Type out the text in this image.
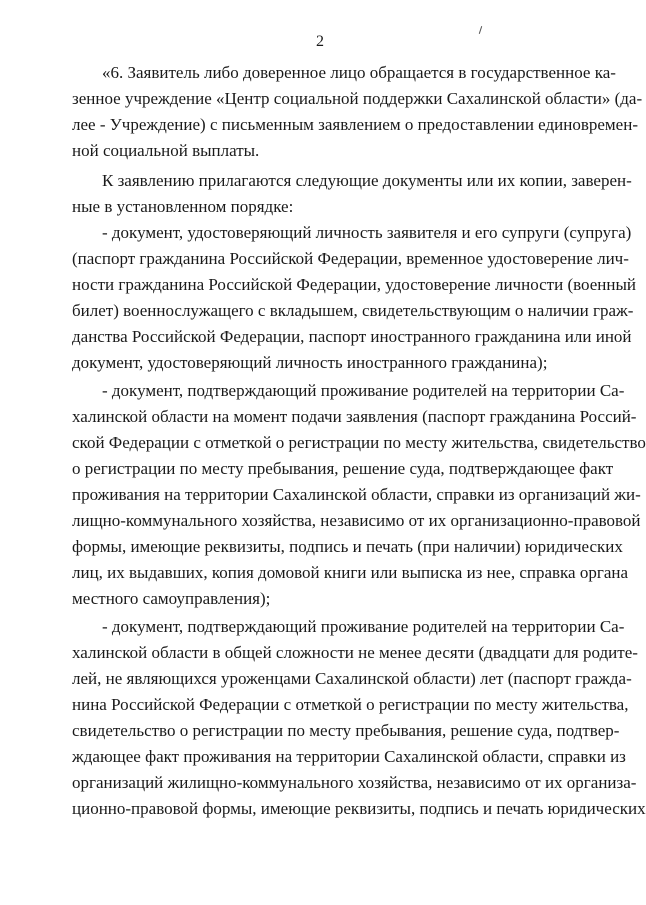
2
«6. Заявитель либо доверенное лицо обращается в государственное ка-
зенное учреждение «Центр социальной поддержки Сахалинской области» (да-
лее - Учреждение) с письменным заявлением о предоставлении единовремен-
ной социальной выплаты.
К заявлению прилагаются следующие документы или их копии, заверен-
ные в установленном порядке:
- документ, удостоверяющий личность заявителя и его супруги (супруга)
(паспорт гражданина Российской Федерации, временное удостоверение лич-
ности гражданина Российской Федерации, удостоверение личности (военный
билет) военнослужащего с вкладышем, свидетельствующим о наличии граж-
данства Российской Федерации, паспорт иностранного гражданина или иной
документ, удостоверяющий личность иностранного гражданина);
- документ, подтверждающий проживание родителей на территории Са-
халинской области на момент подачи заявления (паспорт гражданина Россий-
ской Федерации с отметкой о регистрации по месту жительства, свидетельство
о регистрации по месту пребывания, решение суда, подтверждающее факт
проживания на территории Сахалинской области, справки из организаций жи-
лищно-коммунального хозяйства, независимо от их организационно-правовой
формы, имеющие реквизиты, подпись и печать (при наличии) юридических
лиц, их выдавших, копия домовой книги или выписка из нее, справка органа
местного самоуправления);
- документ, подтверждающий проживание родителей на территории Са-
халинской области в общей сложности не менее десяти (двадцати для родите-
лей, не являющихся уроженцами Сахалинской области) лет (паспорт гражда-
нина Российской Федерации с отметкой о регистрации по месту жительства,
свидетельство о регистрации по месту пребывания, решение суда, подтвер-
ждающее факт проживания на территории Сахалинской области, справки из
организаций жилищно-коммунального хозяйства, независимо от их организа-
ционно-правовой формы, имеющие реквизиты, подпись и печать юридических
